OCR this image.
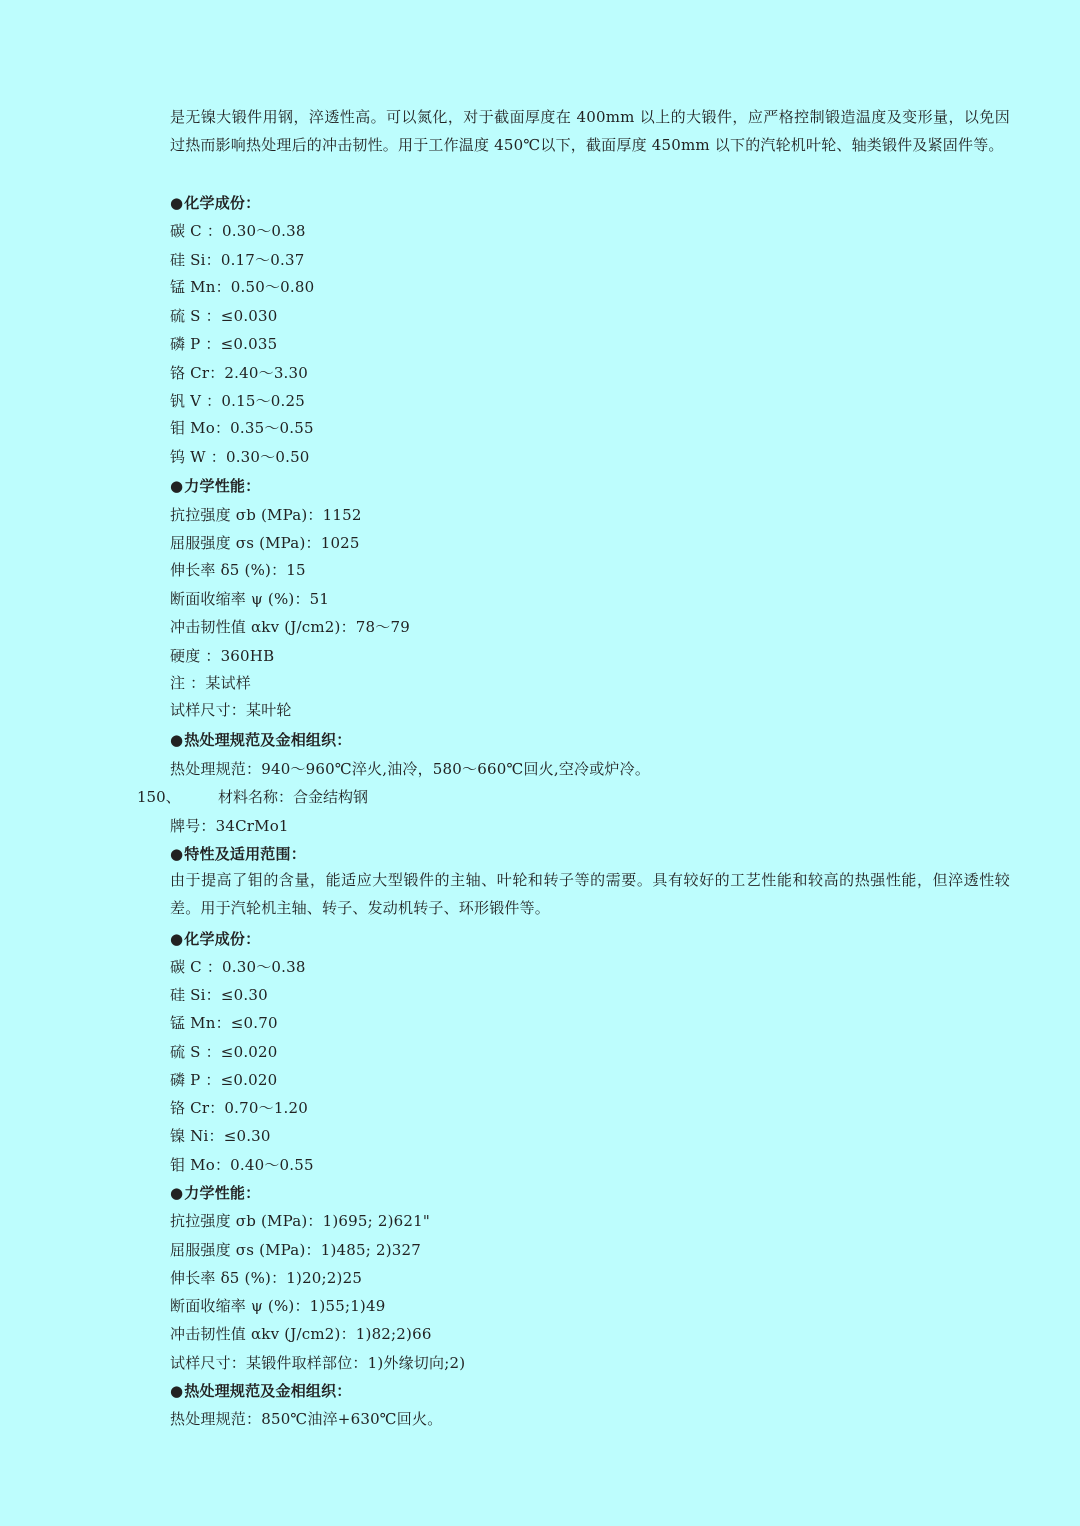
是无镍大锻件用钢，淬透性高。可以氮化，对于截面厚度在 400mm 以上的大锻件，应严格控制锻造温度及变形量，以免因过热而影响热处理后的冲击韧性。用于工作温度 450℃以下，截面厚度 450mm 以下的汽轮机叶轮、轴类锻件及紧固件等。
●化学成份：
碳 C ：0.30～0.38
硅 Si：0.17～0.37
锰 Mn：0.50～0.80
硫 S ：≤0.030
磷 P ：≤0.035
铬 Cr：2.40～3.30
钒 V ：0.15～0.25
钼 Mo：0.35～0.55
钨 W ：0.30～0.50
●力学性能：
抗拉强度 σb (MPa)：1152
屈服强度 σs (MPa)：1025
伸长率 δ5 (%)：15
断面收缩率 ψ (%)：51
冲击韧性值 αkv (J/cm2)：78～79
硬度 ：360HB
注 ：某试样
试样尺寸：某叶轮
●热处理规范及金相组织：
热处理规范：940～960℃淬火,油冷，580～660℃回火,空冷或炉冷。
150、 材料名称：合金结构钢
牌号：34CrMo1
●特性及适用范围：
由于提高了钼的含量，能适应大型锻件的主轴、叶轮和转子等的需要。具有较好的工艺性能和较高的热强性能，但淬透性较差。用于汽轮机主轴、转子、发动机转子、环形锻件等。
●化学成份：
碳 C ：0.30～0.38
硅 Si：≤0.30
锰 Mn：≤0.70
硫 S ：≤0.020
磷 P ：≤0.020
铬 Cr：0.70～1.20
镍 Ni：≤0.30
钼 Mo：0.40～0.55
●力学性能：
抗拉强度 σb (MPa)：1)695; 2)621"
屈服强度 σs (MPa)：1)485; 2)327
伸长率 δ5 (%)：1)20;2)25
断面收缩率 ψ (%)：1)55;1)49
冲击韧性值 αkv (J/cm2)：1)82;2)66
试样尺寸：某锻件取样部位：1)外缘切向;2)
●热处理规范及金相组织：
热处理规范：850℃油淬+630℃回火。
